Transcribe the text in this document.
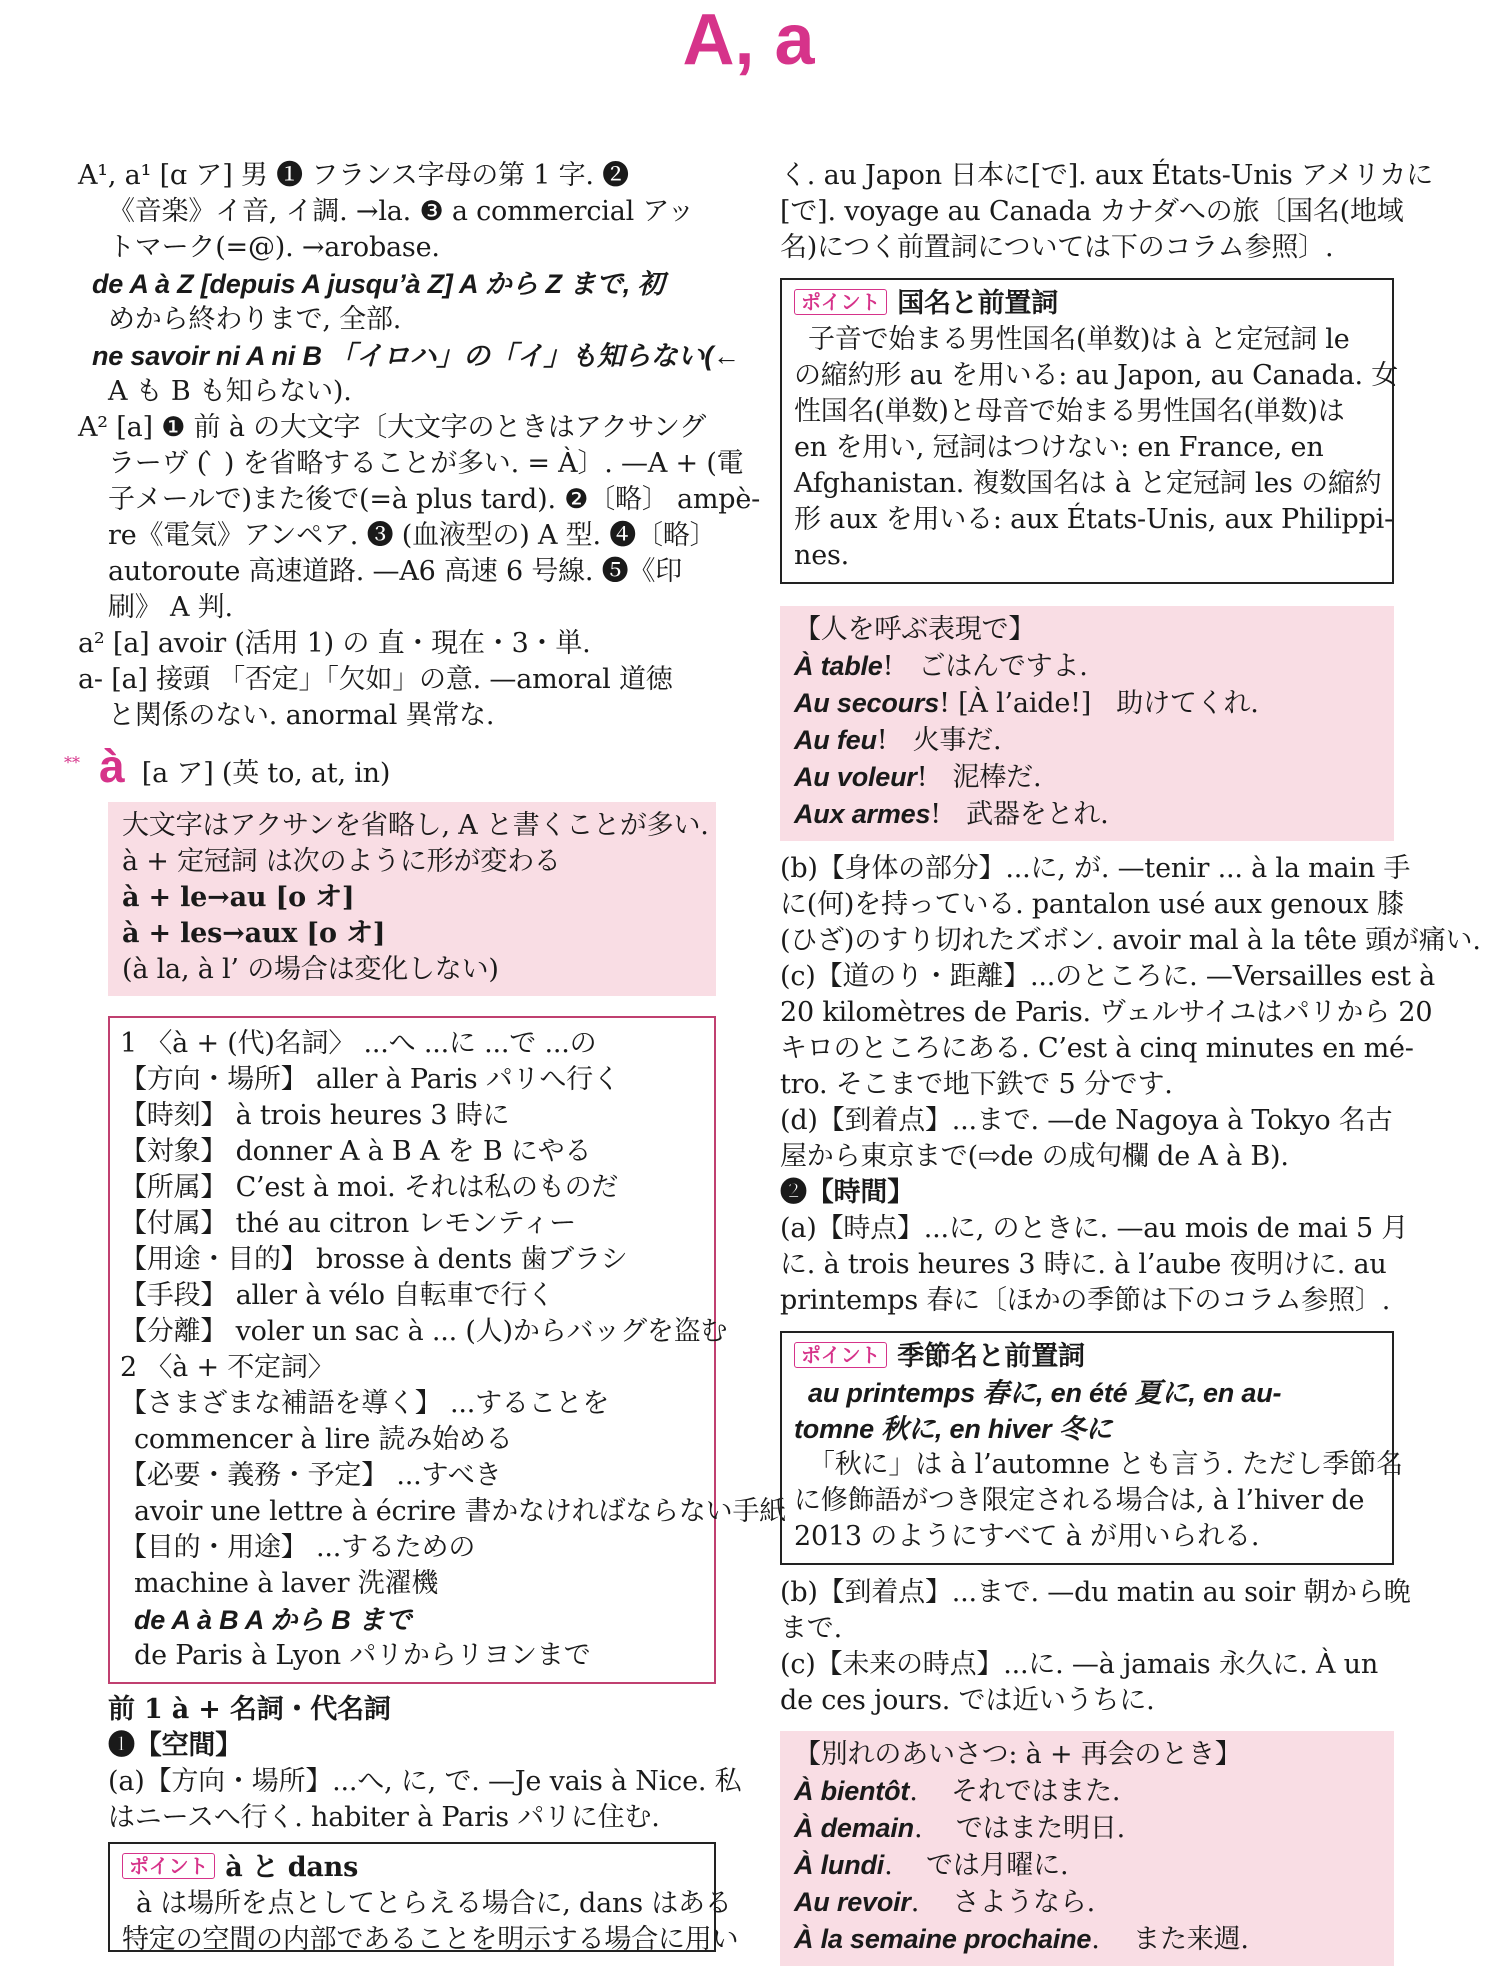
A, a
A¹, a¹ [ɑ ア] 男 ❶ フランス字母の第 1 字. ❷
《音楽》イ音, イ調. →la. ❸ a commercial アッ
トマーク(=@). →arobase.
de A à Z [depuis A jusqu’à Z] A から Z まで, 初
めから終わりまで, 全部.
ne savoir ni A ni B 「イロハ」の「イ」も知らない(←
A も B も知らない).
A² [a] ❶ 前 à の大文字〔大文字のときはアクサング
ラーヴ ( ̀ ) を省略することが多い. = À〕. —A + (電
子メールで)また後で(=à plus tard). ❷〔略〕 ampè-
re《電気》アンペア. ❸ (血液型の) A 型. ❹〔略〕
autoroute 高速道路. —A6 高速 6 号線. ❺《印
刷》 A 判.
a² [a] avoir (活用 1) の 直・現在・3・単.
a- [a] 接頭 「否定」「欠如」の意. —amoral 道徳
と関係のない. anormal 異常な.
** à [a ア] (英 to, at, in)
大文字はアクサンを省略し, A と書くことが多い.
à + 定冠詞 は次のように形が変わる
à + le→au [o オ]
à + les→aux [o オ]
(à la, à l’ の場合は変化しない)
1 〈à + (代)名詞〉 ...へ ...に ...で ...の
【方向・場所】 aller à Paris パリへ行く
【時刻】 à trois heures 3 時に
【対象】 donner A à B A を B にやる
【所属】 C’est à moi. それは私のものだ
【付属】 thé au citron レモンティー
【用途・目的】 brosse à dents 歯ブラシ
【手段】 aller à vélo 自転車で行く
【分離】 voler un sac à ... (人)からバッグを盗む
2 〈à + 不定詞〉
【さまざまな補語を導く】 ...することを
commencer à lire 読み始める
【必要・義務・予定】 ...すべき
avoir une lettre à écrire 書かなければならない手紙
【目的・用途】 ...するための
machine à laver 洗濯機
de A à B A から B まで
de Paris à Lyon パリからリヨンまで
前 1 à + 名詞・代名詞
❶【空間】
(a)【方向・場所】...へ, に, で. —Je vais à Nice. 私
はニースへ行く. habiter à Paris パリに住む.
ポイント à と dans
à は場所を点としてとらえる場合に, dans はある
特定の空間の内部であることを明示する場合に用い
く. au Japon 日本に[で]. aux États-Unis アメリカに
[で]. voyage au Canada カナダへの旅〔国名(地域
名)につく前置詞については下のコラム参照〕.
ポイント 国名と前置詞
子音で始まる男性国名(単数)は à と定冠詞 le
の縮約形 au を用いる: au Japon, au Canada. 女
性国名(単数)と母音で始まる男性国名(単数)は
en を用い, 冠詞はつけない: en France, en
Afghanistan. 複数国名は à と定冠詞 les の縮約
形 aux を用いる: aux États-Unis, aux Philippi-
nes.
【人を呼ぶ表現で】
À table! ごはんですよ.
Au secours! [À l’aide!] 助けてくれ.
Au feu! 火事だ.
Au voleur! 泥棒だ.
Aux armes! 武器をとれ.
(b)【身体の部分】...に, が. —tenir ... à la main 手
に(何)を持っている. pantalon usé aux genoux 膝
(ひざ)のすり切れたズボン. avoir mal à la tête 頭が痛い.
(c)【道のり・距離】...のところに. —Versailles est à
20 kilomètres de Paris. ヴェルサイユはパリから 20
キロのところにある. C’est à cinq minutes en mé-
tro. そこまで地下鉄で 5 分です.
(d)【到着点】...まで. —de Nagoya à Tokyo 名古
屋から東京まで(⇨de の成句欄 de A à B).
❷【時間】
(a)【時点】...に, のときに. —au mois de mai 5 月
に. à trois heures 3 時に. à l’aube 夜明けに. au
printemps 春に〔ほかの季節は下のコラム参照〕.
ポイント 季節名と前置詞
au printemps 春に, en été 夏に, en au-
tomne 秋に, en hiver 冬に
「秋に」は à l’automne とも言う. ただし季節名
に修飾語がつき限定される場合は, à l’hiver de
2013 のようにすべて à が用いられる.
(b)【到着点】...まで. —du matin au soir 朝から晩
まで.
(c)【未来の時点】...に. —à jamais 永久に. À un
de ces jours. では近いうちに.
【別れのあいさつ: à + 再会のとき】
À bientôt.    それではまた.
À demain.    ではまた明日.
À lundi.    では月曜に.
Au revoir.    さようなら.
À la semaine prochaine.    また来週.
